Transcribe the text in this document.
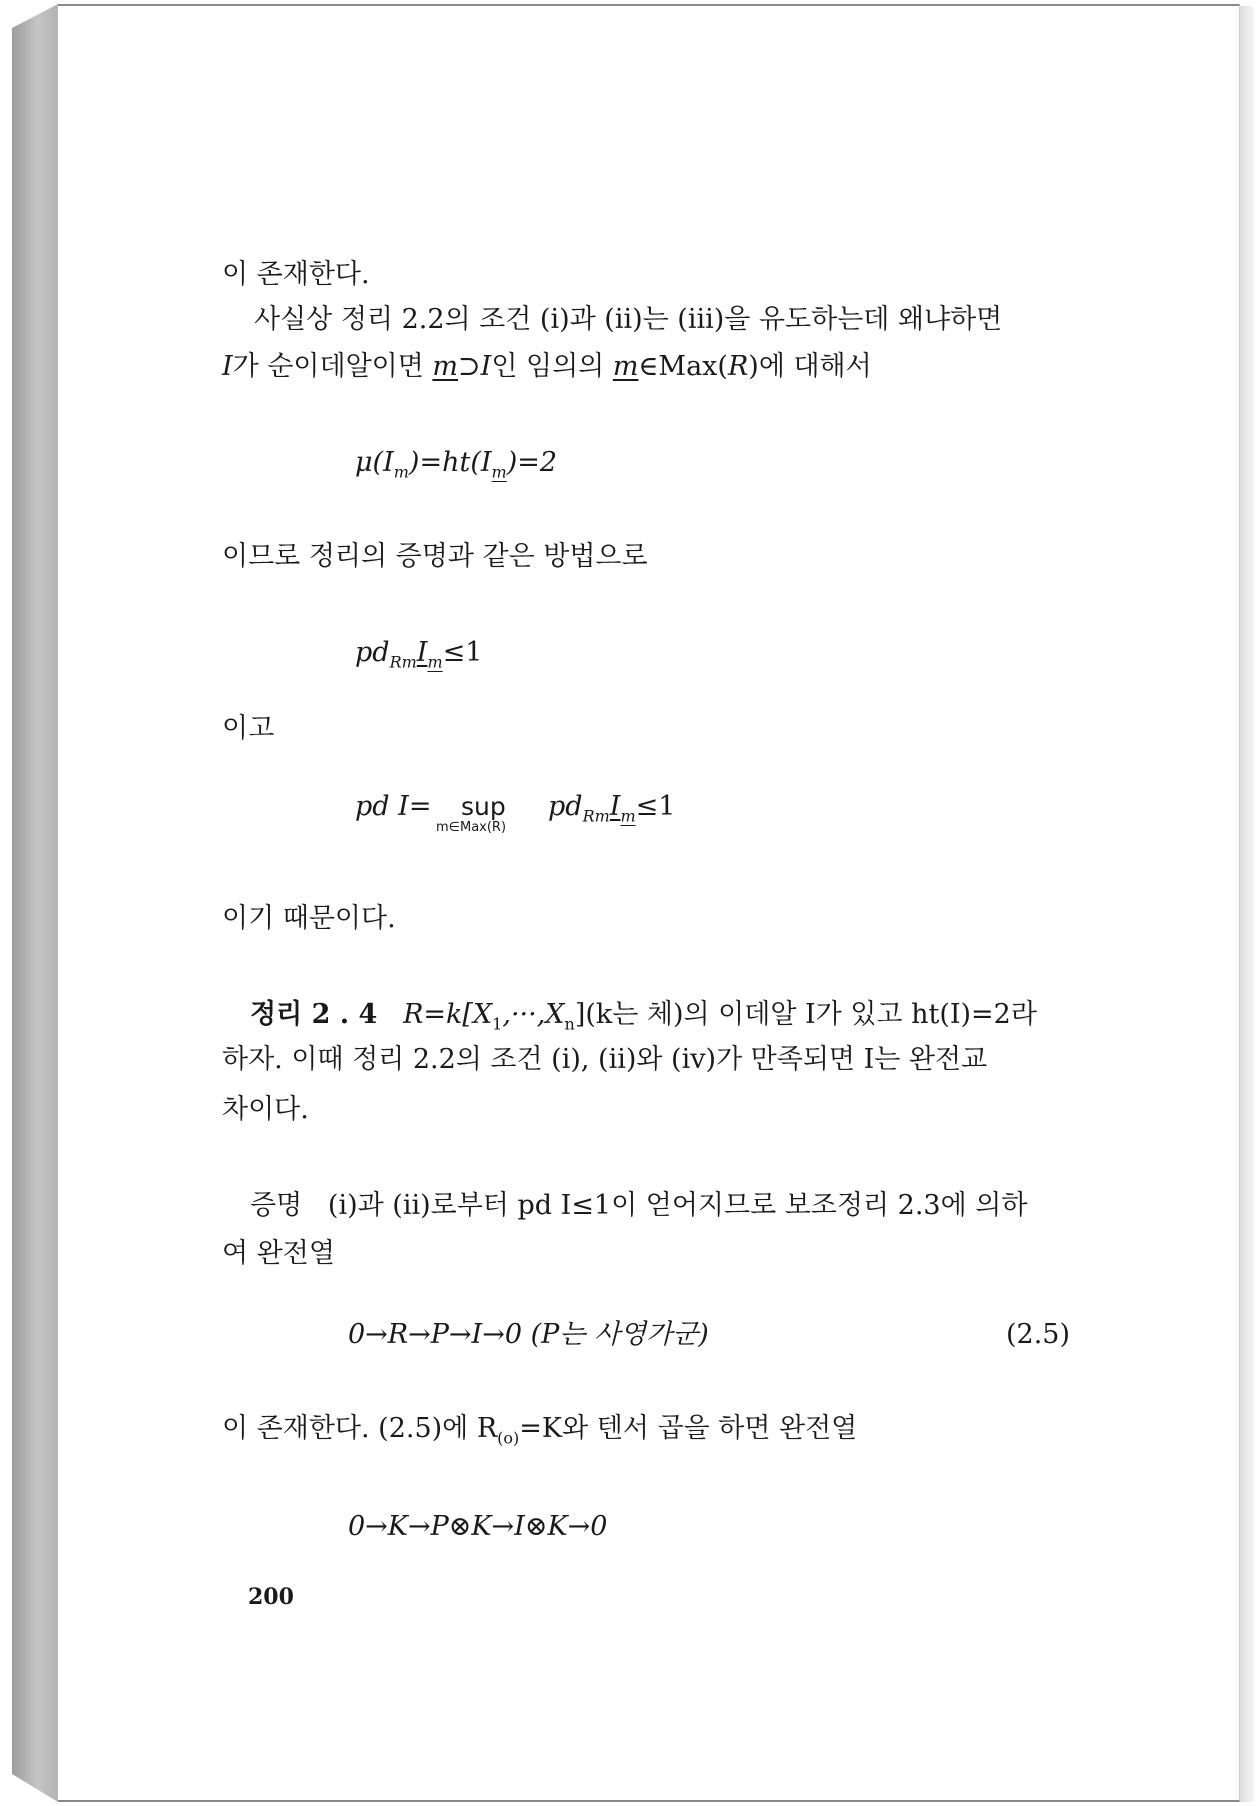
이 존재한다.
사실상 정리 2.2의 조건 (ⅰ)과 (ⅱ)는 (ⅲ)을 유도하는데 왜냐하면
I가 순이데알이면 m⊃I인 임의의 m∈Max(R)에 대해서
$\mu(I_m)=ht(I_m)=2$
이므로 정리의 증명과 같은 방법으로
$pd_{Rm}I_m\le 1$
이고
pd I= sup
m∈Max(R)
$pd_{Rm}I_m\le 1$
이기 때문이다.
정리 2 . 4 $R=k[X_1,\cdot\cdot\cdot,X_n](k$는 체)의 이데알 I가 있고 ht(I)=2라
하자. 이때 정리 2.2의 조건 (ⅰ), (ⅱ)와 (ⅳ)가 만족되면 I는 완전교
차이다.
증명 (ⅰ)과 (ⅱ)로부터 pd I≤1이 얻어지므로 보조정리 2.3에 의하
여 완전열
0→R→P→I→0 (P는 사영가군)	(2.5)
이 존재한다. (2.5)에 $R_{(o)}=K$와 텐서 곱을 하면 완전열
0→K→P⊗K→I⊗K→0
200
